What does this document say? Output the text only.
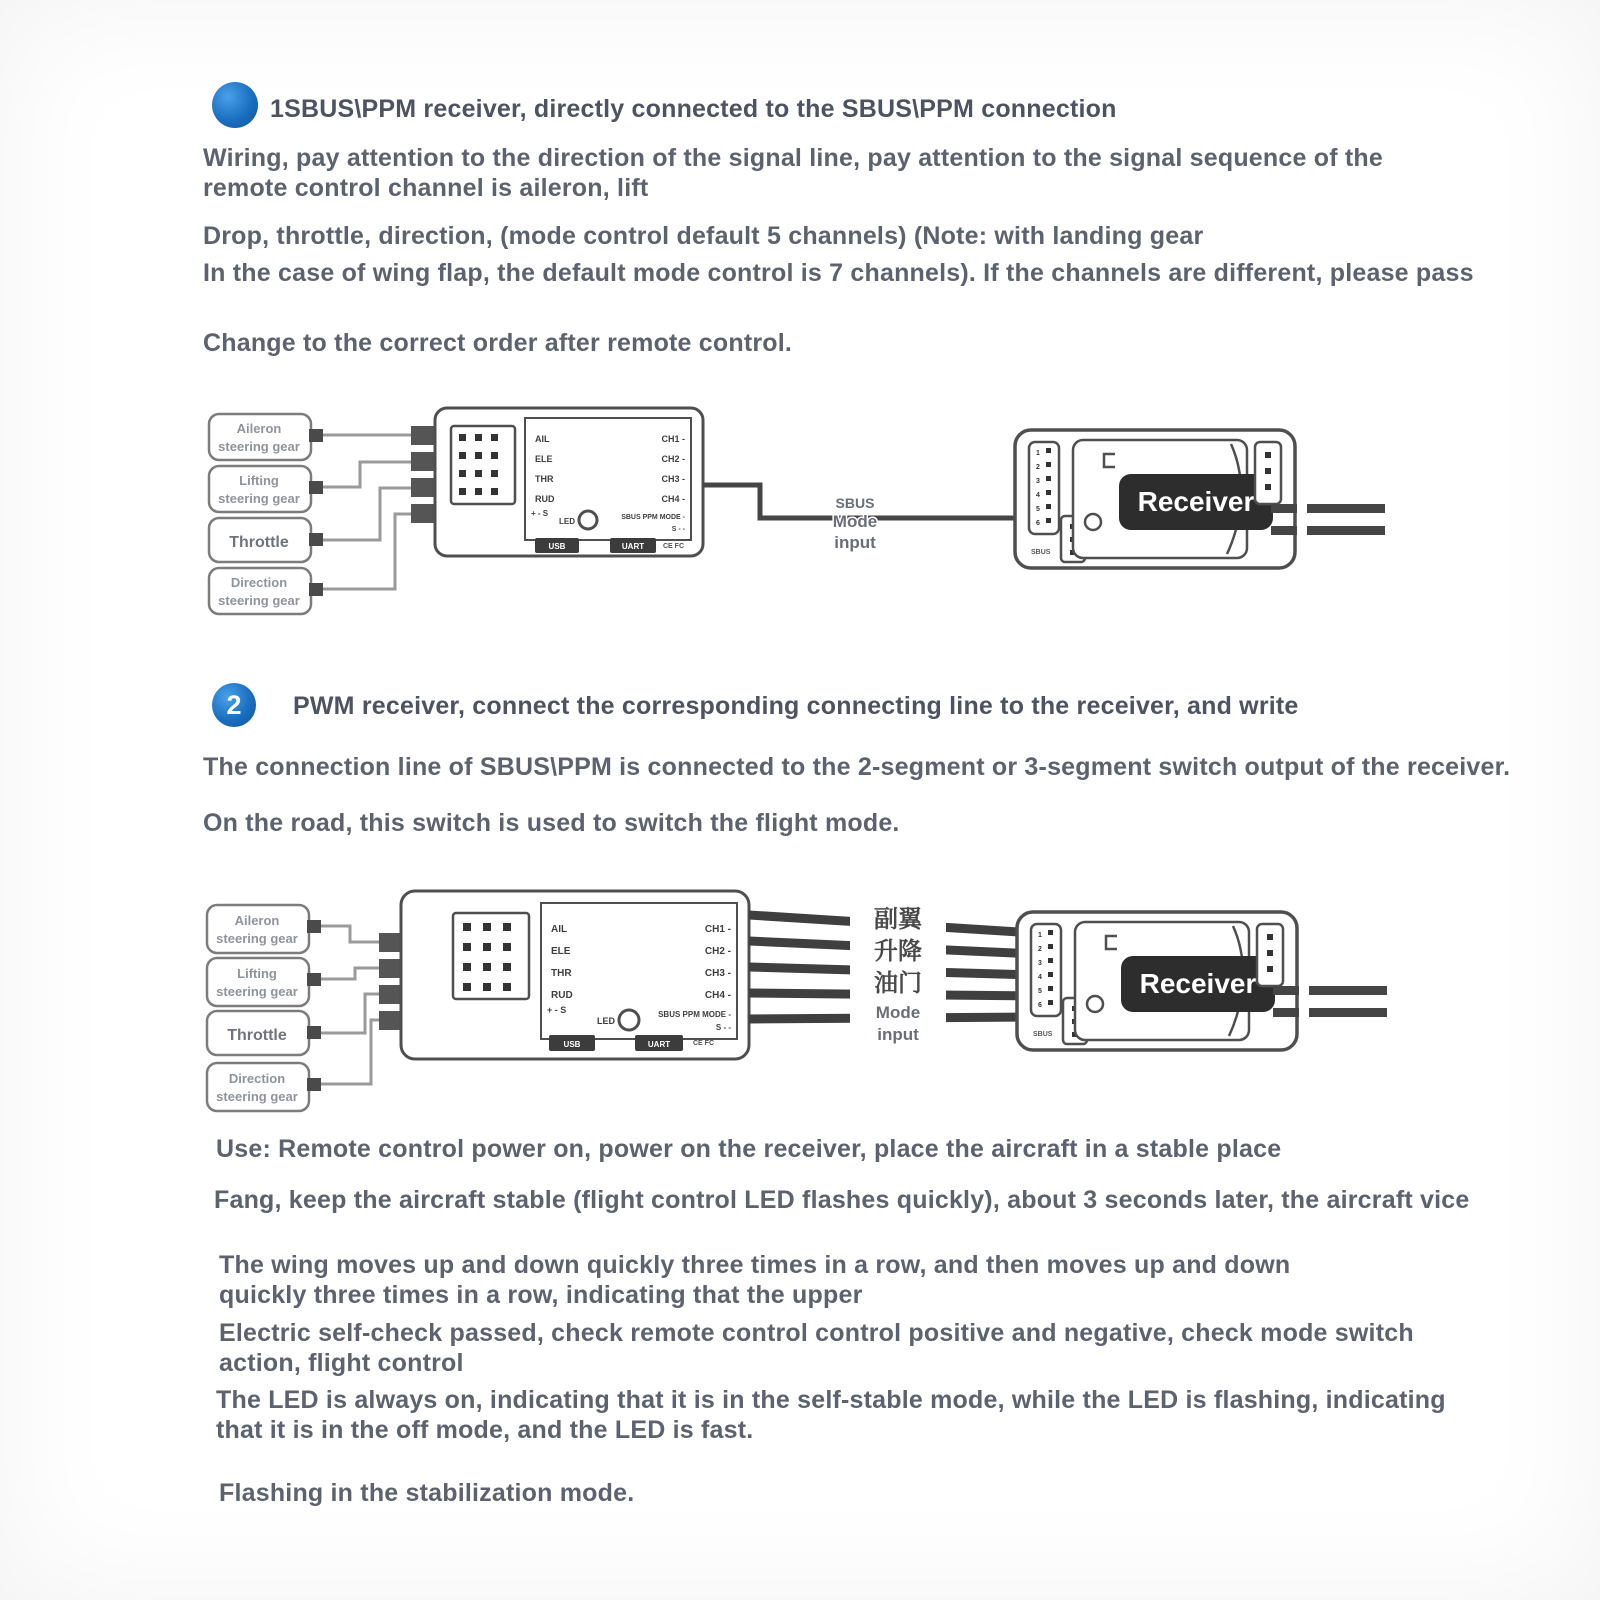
1SBUS\PPM receiver, directly connected to the SBUS\PPM connection
Wiring, pay attention to the direction of the signal line, pay attention to the signal sequence of the remote control channel is aileron, lift
Drop, throttle, direction, (mode control default 5 channels) (Note: with landing gear
In the case of wing flap, the default mode control is 7 channels). If the channels are different, please pass
Change to the correct order after remote control.
Aileron
steering gear
Lifting
steering gear
Throttle
Direction
steering gear
AIL
ELE
THR
RUD
+ - S
CH1 -
CH2 -
CH3 -
CH4 -
SBUS PPM MODE -
S - -
LED
USB	UART	CE FC
SBUS
Mode
input
1
2
3
4
5
6
SBUS
Receiver
2	PWM receiver, connect the corresponding connecting line to the receiver, and write
The connection line of SBUS\PPM is connected to the 2-segment or 3-segment switch output of the receiver.
On the road, this switch is used to switch the flight mode.
Aileron
steering gear
Lifting
steering gear
Throttle
Direction
steering gear
AIL
ELE
THR
RUD
+ - S
CH1 -
CH2 -
CH3 -
CH4 -
SBUS PPM MODE -
S - -
LED
USB	UART	CE FC
副翼
升降
油门
Mode
input
1
2
3
4
5
6
SBUS
Receiver
Use: Remote control power on, power on the receiver, place the aircraft in a stable place
Fang, keep the aircraft stable (flight control LED flashes quickly), about 3 seconds later, the aircraft vice
The wing moves up and down quickly three times in a row, and then moves up and down quickly three times in a row, indicating that the upper
Electric self-check passed, check remote control control positive and negative, check mode switch action, flight control
The LED is always on, indicating that it is in the self-stable mode, while the LED is flashing, indicating that it is in the off mode, and the LED is fast.
Flashing in the stabilization mode.
